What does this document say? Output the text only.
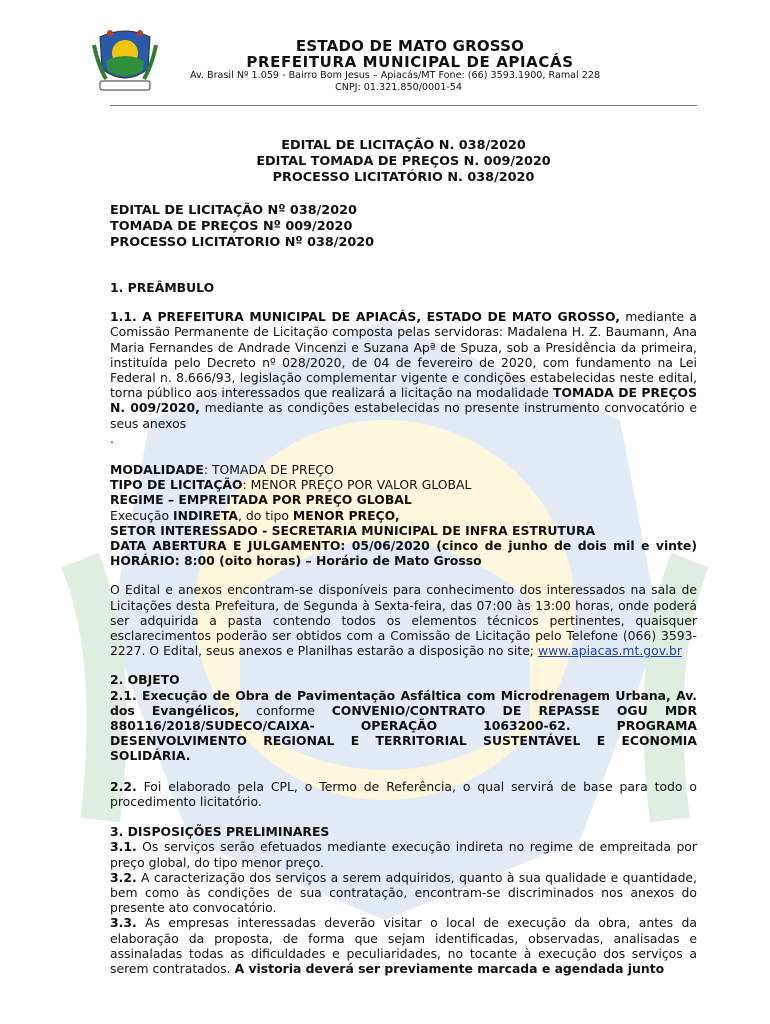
ESTADO DE MATO GROSSO
PREFEITURA MUNICIPAL DE APIACÁS
Av. Brasil Nº 1.059 - Bairro Bom Jesus – Apiacás/MT Fone: (66) 3593.1900, Ramal 228
CNPJ: 01.321.850/0001-54
EDITAL DE LICITAÇÃO N. 038/2020
EDITAL TOMADA DE PREÇOS N. 009/2020
PROCESSO LICITATÓRIO N. 038/2020
EDITAL DE LICITAÇÃO Nº 038/2020
TOMADA DE PREÇOS Nº 009/2020
PROCESSO LICITATORIO Nº 038/2020
1. PREÂMBULO

1.1. A PREFEITURA MUNICIPAL DE APIACÁS, ESTADO DE MATO GROSSO, mediante a Comissão Permanente de Licitação composta pelas servidoras: Madalena H. Z. Baumann, Ana Maria Fernandes de Andrade Vincenzi e Suzana Apª de Spuza, sob a Presidência da primeira, instituída pelo Decreto nº 028/2020, de 04 de fevereiro de 2020, com fundamento na Lei Federal n. 8.666/93, legislação complementar vigente e condições estabelecidas neste edital, torna público aos interessados que realizará a licitação na modalidade TOMADA DE PREÇOS N. 009/2020, mediante as condições estabelecidas no presente instrumento convocatório e seus anexos

.
MODALIDADE: TOMADA DE PREÇO
TIPO DE LICITAÇÃO: MENOR PREÇO POR VALOR GLOBAL
REGIME – EMPREITADA POR PREÇO GLOBAL
Execução INDIRETA, do tipo MENOR PREÇO,
SETOR INTERESSADO - SECRETARIA MUNICIPAL DE INFRA ESTRUTURA
DATA ABERTURA E JULGAMENTO: 05/06/2020 (cinco de junho de dois mil e vinte) HORÁRIO: 8:00 (oito horas) – Horário de Mato Grosso

O Edital e anexos encontram-se disponíveis para conhecimento dos interessados na sala de Licitações desta Prefeitura, de Segunda à Sexta-feira, das 07:00 às 13:00 horas, onde poderá ser adquirida a pasta contendo todos os elementos técnicos pertinentes, quaisquer esclarecimentos poderão ser obtidos com a Comissão de Licitação pelo Telefone (066) 3593-2227. O Edital, seus anexos e Planilhas estarão a disposição no site; www.apiacas.mt.gov.br

2. OBJETO

2.1. Execução de Obra de Pavimentação Asfáltica com Microdrenagem Urbana, Av. dos Evangélicos, conforme CONVENIO/CONTRATO DE REPASSE OGU MDR 880116/2018/SUDECO/CAIXA- OPERAÇÃO 1063200-62. PROGRAMA DESENVOLVIMENTO REGIONAL E TERRITORIAL SUSTENTÁVEL E ECONOMIA SOLIDÁRIA.

2.2. Foi elaborado pela CPL, o Termo de Referência, o qual servirá de base para todo o procedimento licitatório.

3. DISPOSIÇÕES PRELIMINARES

3.1. Os serviços serão efetuados mediante execução indireta no regime de empreitada por preço global, do tipo menor preço.

3.2. A caracterização dos serviços a serem adquiridos, quanto à sua qualidade e quantidade, bem como às condições de sua contratação, encontram-se discriminados nos anexos do presente ato convocatório.

3.3. As empresas interessadas deverão visitar o local de execução da obra, antes da elaboração da proposta, de forma que sejam identificadas, observadas, analisadas e assinaladas todas as dificuldades e peculiaridades, no tocante à execução dos serviços a serem contratados. A vistoria deverá ser previamente marcada e agendada junto
